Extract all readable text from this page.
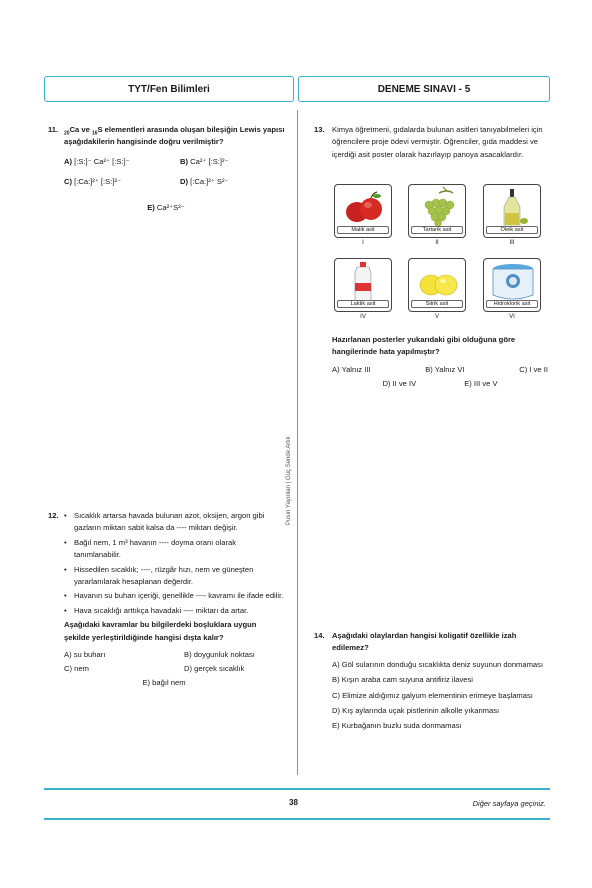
TYT/Fen Bilimleri	DENEME SINAVI - 5
Pusın Yayınları | Güç Sende Artık
11. $_{20}$Ca ve $_{16}$S elementleri arasında oluşan bileşiğin Lewis yapısı aşağıdakilerin hangisinde doğru verilmiştir?
A) [:S:]⁻ Ca²⁺ [:S:]⁻	B) Ca²⁺ [:S:]²⁻
C) [:Ca:]²⁺ [:S:]²⁻	D) [:Ca:]²⁺ S²⁻
E) Ca²⁺S²⁻
12.
•	Sıcaklık artarsa havada bulunan azot, oksijen, argon gibi gazların miktarı sabit kalsa da ---- miktarı değişir.
• Bağıl nem, 1 m³ havanın ---- doyma oranı olarak tanımlanabilir.
• Hissedilen sıcaklık; ----, rüzgâr hızı, nem ve güneşten yararlanılarak hesaplanan değerdir.
• Havanın su buharı içeriği, genellikle ---- kavramı ile ifade edilir.
• Hava sıcaklığı arttıkça havadaki ---- miktarı da artar.
Aşağıdaki kavramlar bu bilgilerdeki boşluklara uygun şekilde yerleştirildiğinde hangisi dışta kalır?
A) su buharı	B) doygunluk noktası
C) nem	D) gerçek sıcaklık
E) bağıl nem
13. Kimya öğretmeni, gıdalarda bulunan asitleri tanıyabilmeleri için öğrencilere proje ödevi vermiştir. Öğrenciler, gıda maddesi ve içerdiği asit poster olarak hazırlayıp panoya asacaklardır.
Malik asit	Tartarik asit	Oleik asit
I	II	III
Laktik asit	Sitrik asit	Hidroklorik asit
IV	V	VI
Hazırlanan posterler yukarıdaki gibi olduğuna göre hangilerinde hata yapılmıştır?
A) Yalnız III	B) Yalnız VI	C) I ve II
D) II ve IV	E) III ve V
14. Aşağıdaki olaylardan hangisi koligatif özellikle izah edilemez?
A) Göl sularının donduğu sıcaklıkta deniz suyunun donmaması
B) Kışın araba cam suyuna antifiriz ilavesi
C) Elimize aldığımız galyum elementinin erimeye başlaması
D) Kış aylarında uçak pistlerinin alkolle yıkanması
E) Kurbağanın buzlu suda donmaması
38	Diğer sayfaya geçiniz.
